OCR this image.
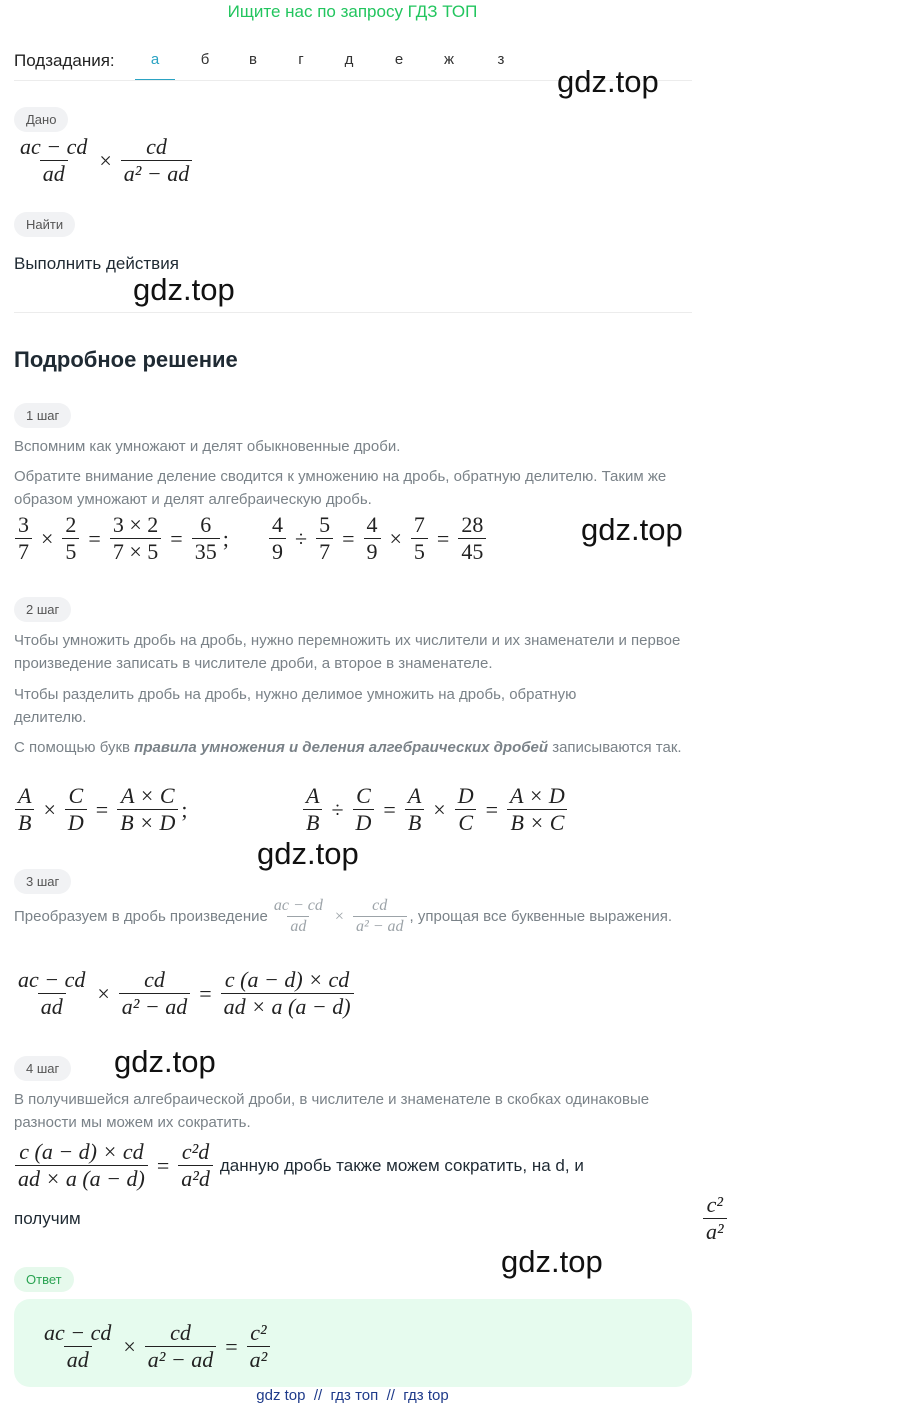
Ищите нас по запросу ГДЗ ТОП
Подзадания:	а	б	в	г	д	е	ж	з
gdz.top
Дано
$\frac{ac - cd}{ad} \times \frac{cd}{\text{a² − ad}}$
Найти
Выполнить действия
gdz.top
Подробное решение
1 шаг
Вспомним как умножают и делят обыкновенные дроби.
Обратите внимание деление сводится к умножению на дробь, обратную делителю. Таким же образом умножают и делят алгебраическую дробь.
$\frac{3}{7} \times \frac{2}{5} = \frac{3 \times 2}{7 \times 5} = \frac{6}{35}$ ; $\frac{4}{9} \div \frac{5}{7} = \frac{4}{9} \times \frac{7}{5} = \frac{28}{45}$	gdz.top
2 шаг
Чтобы умножить дробь на дробь, нужно перемножить их числители и их знаменатели и первое произведение записать в числителе дроби, а второе в знаменателе.
Чтобы разделить дробь на дробь, нужно делимое умножить на дробь, обратную делителю.
С помощью букв правила умножения и деления алгебраических дробей записываются так.
$\frac{A}{B} \times \frac{C}{D} = \frac{A \times C}{B \times D}$ ;	$\frac{A}{B} \div \frac{C}{D} = \frac{A}{B} \times \frac{D}{C} = \frac{A \times D}{B \times C}$
gdz.top
3 шаг
Преобразуем в дробь произведение $\frac{ac - cd}{ad} \times \frac{cd}{\text{a² − ad}}$ , упрощая все буквенные выражения.
$\frac{ac - cd}{ad} \times \frac{cd}{\text{a² − ad}} = \frac{c (a - d) \times cd}{ad \times a (a - d)}$
4 шаг	gdz.top
В получившейся алгебраической дроби, в числителе и знаменателе в скобках одинаковые разности мы можем их сократить.
$\frac{c (a - d) \times cd}{ad \times a (a - d)} = \frac{\text{c²d}}{\text{a²d}}$ данную дробь также можем сократить, на d, и
получим	$\frac{\text{c²}}{\text{a²}}$
gdz.top
Ответ
$\frac{ac - cd}{ad} \times \frac{cd}{\text{a² − ad}} = \frac{\text{c²}}{\text{a²}}$
gdz top  //  гдз топ  //  гдз top
